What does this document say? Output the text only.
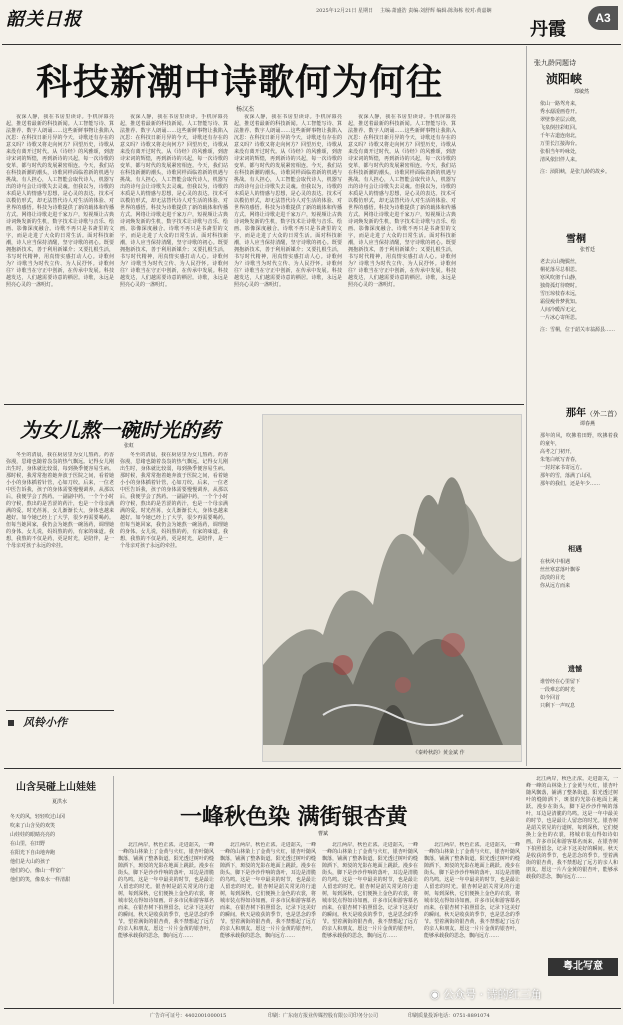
韶关日报	2025年12月21日 星期日 主编:萧盛浩 责编:刘舒辉 编辑:陈海栋 校对:黄嘉娴
丹霞
A3
科技新潮中诗歌何为何往
杨汉杰

夜深人静，我在书房里读诗。手机屏幕亮起，推送着最新的科技新闻。人工智能写诗、算法推荐、数字人朗诵……这些新鲜事物让我陷入沉思：在科技日新月异的今天，诗歌还有存在的意义吗？诗歌又将走向何方？回望历史，诗歌从来没有离开过时代。从《诗经》的风雅颂，到唐诗宋词的辉煌，再到新诗的兴起，每一次诗歌的变革，都与时代的发展紧密相连。今天，我们站在科技新潮的潮头，诗歌同样面临着新的机遇与挑战。有人担心，人工智能会取代诗人，机器写出的诗句会让诗歌失去灵魂。但我以为，诗歌的本质是人的情感与思想，是心灵的表达。技术可以模仿形式，却无法替代诗人对生活的体验、对世界的感悟。科技为诗歌提供了新的载体和传播方式。网络让诗歌走进千家万户，短视频让古典诗词焕发新的生机，数字技术让诗歌与音乐、绘画、影像深度融合。诗歌不再只是书斋里的文字，而是走进了大众的日常生活。面对科技新潮，诗人应当保持清醒，坚守诗歌的初心。既要拥抱新技术，善于利用新媒介；又要扎根生活，书写时代精神，用真情实感打动人心。诗歌何为？诗歌当为时代立传、为人民抒怀。诗歌何往？诗歌当在守正中创新，在传承中发展。科技越发达，人们越需要诗意的栖居。诗歌，永远是照亮心灵的一盏明灯。

夜深人静，我在书房里读诗。手机屏幕亮起，推送着最新的科技新闻。人工智能写诗、算法推荐、数字人朗诵……这些新鲜事物让我陷入沉思：在科技日新月异的今天，诗歌还有存在的意义吗？诗歌又将走向何方？回望历史，诗歌从来没有离开过时代。从《诗经》的风雅颂，到唐诗宋词的辉煌，再到新诗的兴起，每一次诗歌的变革，都与时代的发展紧密相连。今天，我们站在科技新潮的潮头，诗歌同样面临着新的机遇与挑战。有人担心，人工智能会取代诗人，机器写出的诗句会让诗歌失去灵魂。但我以为，诗歌的本质是人的情感与思想，是心灵的表达。技术可以模仿形式，却无法替代诗人对生活的体验、对世界的感悟。科技为诗歌提供了新的载体和传播方式。网络让诗歌走进千家万户，短视频让古典诗词焕发新的生机，数字技术让诗歌与音乐、绘画、影像深度融合。诗歌不再只是书斋里的文字，而是走进了大众的日常生活。面对科技新潮，诗人应当保持清醒，坚守诗歌的初心。既要拥抱新技术，善于利用新媒介；又要扎根生活，书写时代精神，用真情实感打动人心。诗歌何为？诗歌当为时代立传、为人民抒怀。诗歌何往？诗歌当在守正中创新，在传承中发展。科技越发达，人们越需要诗意的栖居。诗歌，永远是照亮心灵的一盏明灯。

夜深人静，我在书房里读诗。手机屏幕亮起，推送着最新的科技新闻。人工智能写诗、算法推荐、数字人朗诵……这些新鲜事物让我陷入沉思：在科技日新月异的今天，诗歌还有存在的意义吗？诗歌又将走向何方？回望历史，诗歌从来没有离开过时代。从《诗经》的风雅颂，到唐诗宋词的辉煌，再到新诗的兴起，每一次诗歌的变革，都与时代的发展紧密相连。今天，我们站在科技新潮的潮头，诗歌同样面临着新的机遇与挑战。有人担心，人工智能会取代诗人，机器写出的诗句会让诗歌失去灵魂。但我以为，诗歌的本质是人的情感与思想，是心灵的表达。技术可以模仿形式，却无法替代诗人对生活的体验、对世界的感悟。科技为诗歌提供了新的载体和传播方式。网络让诗歌走进千家万户，短视频让古典诗词焕发新的生机，数字技术让诗歌与音乐、绘画、影像深度融合。诗歌不再只是书斋里的文字，而是走进了大众的日常生活。面对科技新潮，诗人应当保持清醒，坚守诗歌的初心。既要拥抱新技术，善于利用新媒介；又要扎根生活，书写时代精神，用真情实感打动人心。诗歌何为？诗歌当为时代立传、为人民抒怀。诗歌何往？诗歌当在守正中创新，在传承中发展。科技越发达，人们越需要诗意的栖居。诗歌，永远是照亮心灵的一盏明灯。

夜深人静，我在书房里读诗。手机屏幕亮起，推送着最新的科技新闻。人工智能写诗、算法推荐、数字人朗诵……这些新鲜事物让我陷入沉思：在科技日新月异的今天，诗歌还有存在的意义吗？诗歌又将走向何方？回望历史，诗歌从来没有离开过时代。从《诗经》的风雅颂，到唐诗宋词的辉煌，再到新诗的兴起，每一次诗歌的变革，都与时代的发展紧密相连。今天，我们站在科技新潮的潮头，诗歌同样面临着新的机遇与挑战。有人担心，人工智能会取代诗人，机器写出的诗句会让诗歌失去灵魂。但我以为，诗歌的本质是人的情感与思想，是心灵的表达。技术可以模仿形式，却无法替代诗人对生活的体验、对世界的感悟。科技为诗歌提供了新的载体和传播方式。网络让诗歌走进千家万户，短视频让古典诗词焕发新的生机，数字技术让诗歌与音乐、绘画、影像深度融合。诗歌不再只是书斋里的文字，而是走进了大众的日常生活。面对科技新潮，诗人应当保持清醒，坚守诗歌的初心。既要拥抱新技术，善于利用新媒介；又要扎根生活，书写时代精神，用真情实感打动人心。诗歌何为？诗歌当为时代立传、为人民抒怀。诗歌何往？诗歌当在守正中创新，在传承中发展。科技越发达，人们越需要诗意的栖居。诗歌，永远是照亮心灵的一盏明灯。

张九龄同题诗
浈阳峡
郑敏然
依山一路驾舟来，
秀水潺湲画卷开。
翠壁参差层云绕，
飞泉倒挂彩虹回。
千年古道连南北，
万里长江接海台。
张相当年吟咏处，
清风依旧伴人来。
注：浈阳峡，是张九龄的故乡。
雪桐
张哲廷
老去云山掩鬓丝，
桐花落尽总相思。
寒风吹彻千山静，
独倚孤灯待晓时。
雪压琼枝春未远，
霜侵瘦骨梦犹知。
人间冷暖浑无定，
一片冰心寄所思。
注：雪桐，位于韶关市翁源县……
那年（外二首）
谭春燕
那年的风，吹拂着田野，吹拂着我的童年，
高考之门初开，
朱笔白纸写青春，
一封封家书寄远方。
那年的雪，落满了山冈，
那年的我们，还是年少……
相遇
在秋风中相遇
丝丝寒意落叶飘零
淡淡的目光
你从远方而来
遗憾
谁曾经在心里留下
一段难忘的时光
如今回首
只剩下一声叹息
为女儿熬一碗时光的药
张虹

冬至的清晨，我在厨房里为女儿熬药。药香弥漫，思绪也随着袅袅的热气飘远。记得女儿刚出生时，身体就比较弱，每到换季便容易生病。那时候，我常常抱着她奔波于医院之间，看着她小小的身体插着针管，心如刀绞。后来，一位老中医告诉我，孩子的身体需要慢慢调养。从那以后，我便学会了熬药。一副副中药，一个个小时的守候，熬出的是苦涩的药汁，也是一个母亲满满的爱。时光荏苒，女儿渐渐长大，身体也越来越好。如今她已经上了大学，很少再需要喝药。但每当她回家，我仍会为她熬一碗汤药，调理她的身体。女儿说，妈妈熬的药，有家的味道。我想，我熬的不仅是药，更是时光，是陪伴，是一个母亲对孩子永远的牵挂。

冬至的清晨，我在厨房里为女儿熬药。药香弥漫，思绪也随着袅袅的热气飘远。记得女儿刚出生时，身体就比较弱，每到换季便容易生病。那时候，我常常抱着她奔波于医院之间，看着她小小的身体插着针管，心如刀绞。后来，一位老中医告诉我，孩子的身体需要慢慢调养。从那以后，我便学会了熬药。一副副中药，一个个小时的守候，熬出的是苦涩的药汁，也是一个母亲满满的爱。时光荏苒，女儿渐渐长大，身体也越来越好。如今她已经上了大学，很少再需要喝药。但每当她回家，我仍会为她熬一碗汤药，调理她的身体。女儿说，妈妈熬的药，有家的味道。我想，我熬的不仅是药，更是时光，是陪伴，是一个母亲对孩子永远的牵挂。

风铃小作
《秦岭秋韵》黄金斌 作
山含吴碰上山娃娃
夏洪水
冬天的风，轻轻吹过山冈
吹来了山含吴的欢笑
山娃娃的眼睛亮亮的
在山里，在田野
在阳光下自由地奔跑
他们是大山的孩子
他们的心，像山一样宽广
他们的笑，像泉水一样清甜
一峰秋色染 满街银杏黄
曹斌

北江两岸，秋色正浓。走进韶关，一峰一峰的山林染上了金黄与火红，银杏叶随风飘落，铺满了整条街道。阳光透过树叶的缝隙洒下，斑驳的光影在地面上跳跃。漫步在街头，脚下是沙沙作响的落叶，耳边是清脆的鸟鸣。这是一年中最美的时节，也是最让人留恋的时光。银杏树是韶关常见的行道树，每到深秋，它们便换上金色的衣裳，将城市装点得如诗如画。许多市民和游客慕名而来，在银杏树下拍照留念，记录下这美好的瞬间。秋天是收获的季节，也是思念的季节。望着满街的银杏黄，我不禁想起了远方的亲人和朋友。愿这一片片金黄的银杏叶，能够承载我的思念，飘向远方……

北江两岸，秋色正浓。走进韶关，一峰一峰的山林染上了金黄与火红，银杏叶随风飘落，铺满了整条街道。阳光透过树叶的缝隙洒下，斑驳的光影在地面上跳跃。漫步在街头，脚下是沙沙作响的落叶，耳边是清脆的鸟鸣。这是一年中最美的时节，也是最让人留恋的时光。银杏树是韶关常见的行道树，每到深秋，它们便换上金色的衣裳，将城市装点得如诗如画。许多市民和游客慕名而来，在银杏树下拍照留念，记录下这美好的瞬间。秋天是收获的季节，也是思念的季节。望着满街的银杏黄，我不禁想起了远方的亲人和朋友。愿这一片片金黄的银杏叶，能够承载我的思念，飘向远方……

北江两岸，秋色正浓。走进韶关，一峰一峰的山林染上了金黄与火红，银杏叶随风飘落，铺满了整条街道。阳光透过树叶的缝隙洒下，斑驳的光影在地面上跳跃。漫步在街头，脚下是沙沙作响的落叶，耳边是清脆的鸟鸣。这是一年中最美的时节，也是最让人留恋的时光。银杏树是韶关常见的行道树，每到深秋，它们便换上金色的衣裳，将城市装点得如诗如画。许多市民和游客慕名而来，在银杏树下拍照留念，记录下这美好的瞬间。秋天是收获的季节，也是思念的季节。望着满街的银杏黄，我不禁想起了远方的亲人和朋友。愿这一片片金黄的银杏叶，能够承载我的思念，飘向远方……

北江两岸，秋色正浓。走进韶关，一峰一峰的山林染上了金黄与火红，银杏叶随风飘落，铺满了整条街道。阳光透过树叶的缝隙洒下，斑驳的光影在地面上跳跃。漫步在街头，脚下是沙沙作响的落叶，耳边是清脆的鸟鸣。这是一年中最美的时节，也是最让人留恋的时光。银杏树是韶关常见的行道树，每到深秋，它们便换上金色的衣裳，将城市装点得如诗如画。许多市民和游客慕名而来，在银杏树下拍照留念，记录下这美好的瞬间。秋天是收获的季节，也是思念的季节。望着满街的银杏黄，我不禁想起了远方的亲人和朋友。愿这一片片金黄的银杏叶，能够承载我的思念，飘向远方……

北江两岸，秋色正浓。走进韶关，一峰一峰的山林染上了金黄与火红，银杏叶随风飘落，铺满了整条街道。阳光透过树叶的缝隙洒下，斑驳的光影在地面上跳跃。漫步在街头，脚下是沙沙作响的落叶，耳边是清脆的鸟鸣。这是一年中最美的时节，也是最让人留恋的时光。银杏树是韶关常见的行道树，每到深秋，它们便换上金色的衣裳，将城市装点得如诗如画。许多市民和游客慕名而来，在银杏树下拍照留念，记录下这美好的瞬间。秋天是收获的季节，也是思念的季节。望着满街的银杏黄，我不禁想起了远方的亲人和朋友。愿这一片片金黄的银杏叶，能够承载我的思念，飘向远方……

粤北写意
◉ 公众号 · 诗的红三角
广告许可证号：4402001000015	印刷：广东南方报业传媒控股有限公司印务分公司	印刷质量投诉电话：0751-8891074
